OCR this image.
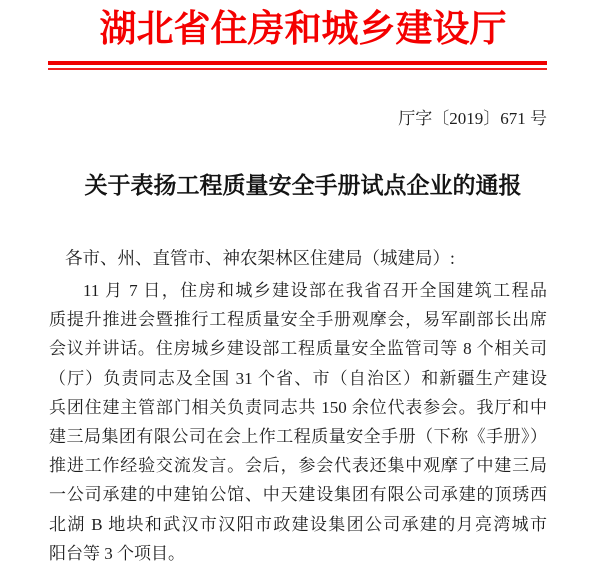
湖北省住房和城乡建设厅
厅字〔2019〕671 号
关于表扬工程质量安全手册试点企业的通报
各市、州、直管市、神农架林区住建局（城建局）:
11 月 7 日，住房和城乡建设部在我省召开全国建筑工程品
质提升推进会暨推行工程质量安全手册观摩会，易军副部长出席
会议并讲话。住房城乡建设部工程质量安全监管司等 8 个相关司
（厅）负责同志及全国 31 个省、市（自治区）和新疆生产建设
兵团住建主管部门相关负责同志共 150 余位代表参会。我厅和中
建三局集团有限公司在会上作工程质量安全手册（下称《手册》）
推进工作经验交流发言。会后，参会代表还集中观摩了中建三局
一公司承建的中建铂公馆、中天建设集团有限公司承建的顶琇西
北湖 B 地块和武汉市汉阳市政建设集团公司承建的月亮湾城市
阳台等 3 个项目。
